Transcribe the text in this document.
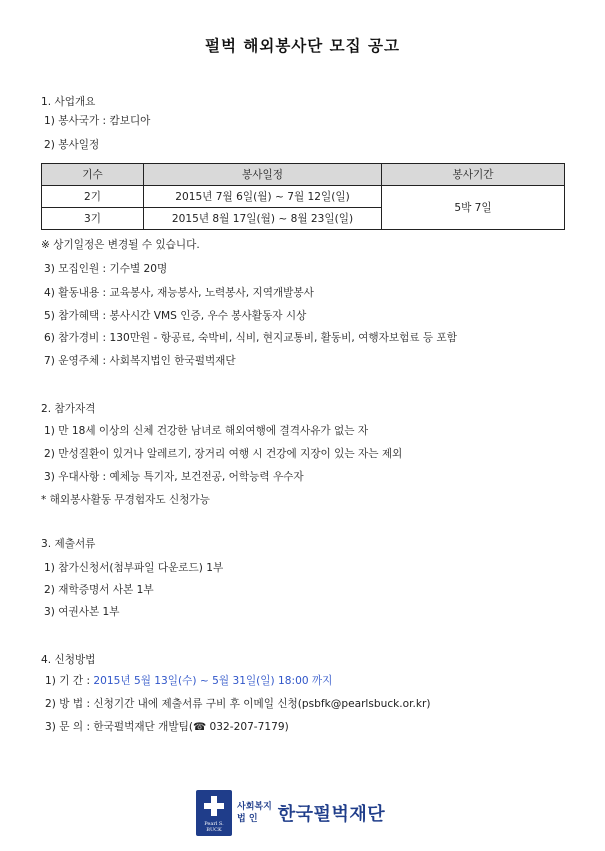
펄벅 해외봉사단 모집 공고
1. 사업개요
1) 봉사국가 : 캄보디아
2) 봉사일정
기수	봉사일정	봉사기간
2기	2015년 7월 6일(월) ~ 7월 12일(일)	5박 7일
3기	2015년 8월 17일(월) ~ 8월 23일(일)	
※ 상기일정은 변경될 수 있습니다.
3) 모집인원 : 기수별 20명
4) 활동내용 : 교육봉사, 재능봉사, 노력봉사, 지역개발봉사
5) 참가혜택 : 봉사시간 VMS 인증, 우수 봉사활동자 시상
6) 참가경비 : 130만원 - 항공료, 숙박비, 식비, 현지교통비, 활동비, 여행자보험료 등 포함
7) 운영주체 : 사회복지법인 한국펄벅재단
2. 참가자격
1) 만 18세 이상의 신체 건강한 남녀로 해외여행에 결격사유가 없는 자
2) 만성질환이 있거나 알레르기, 장거리 여행 시 건강에 지장이 있는 자는 제외
3) 우대사항 : 예체능 특기자, 보건전공, 어학능력 우수자
* 해외봉사활동 무경험자도 신청가능
3. 제출서류
1) 참가신청서(첨부파일 다운로드) 1부
2) 재학증명서 사본 1부
3) 여권사본 1부
4. 신청방법
1) 기 간 : 2015년 5월 13일(수) ~ 5월 31일(일) 18:00 까지
2) 방 법 : 신청기간 내에 제출서류 구비 후 이메일 신청(psbfk@pearlsbuck.or.kr)
3) 문 의 : 한국펄벅재단 개발팀(☎ 032-207-7179)
Pearl S.
BUCK
사회복지
법 인	한국펄벅재단
